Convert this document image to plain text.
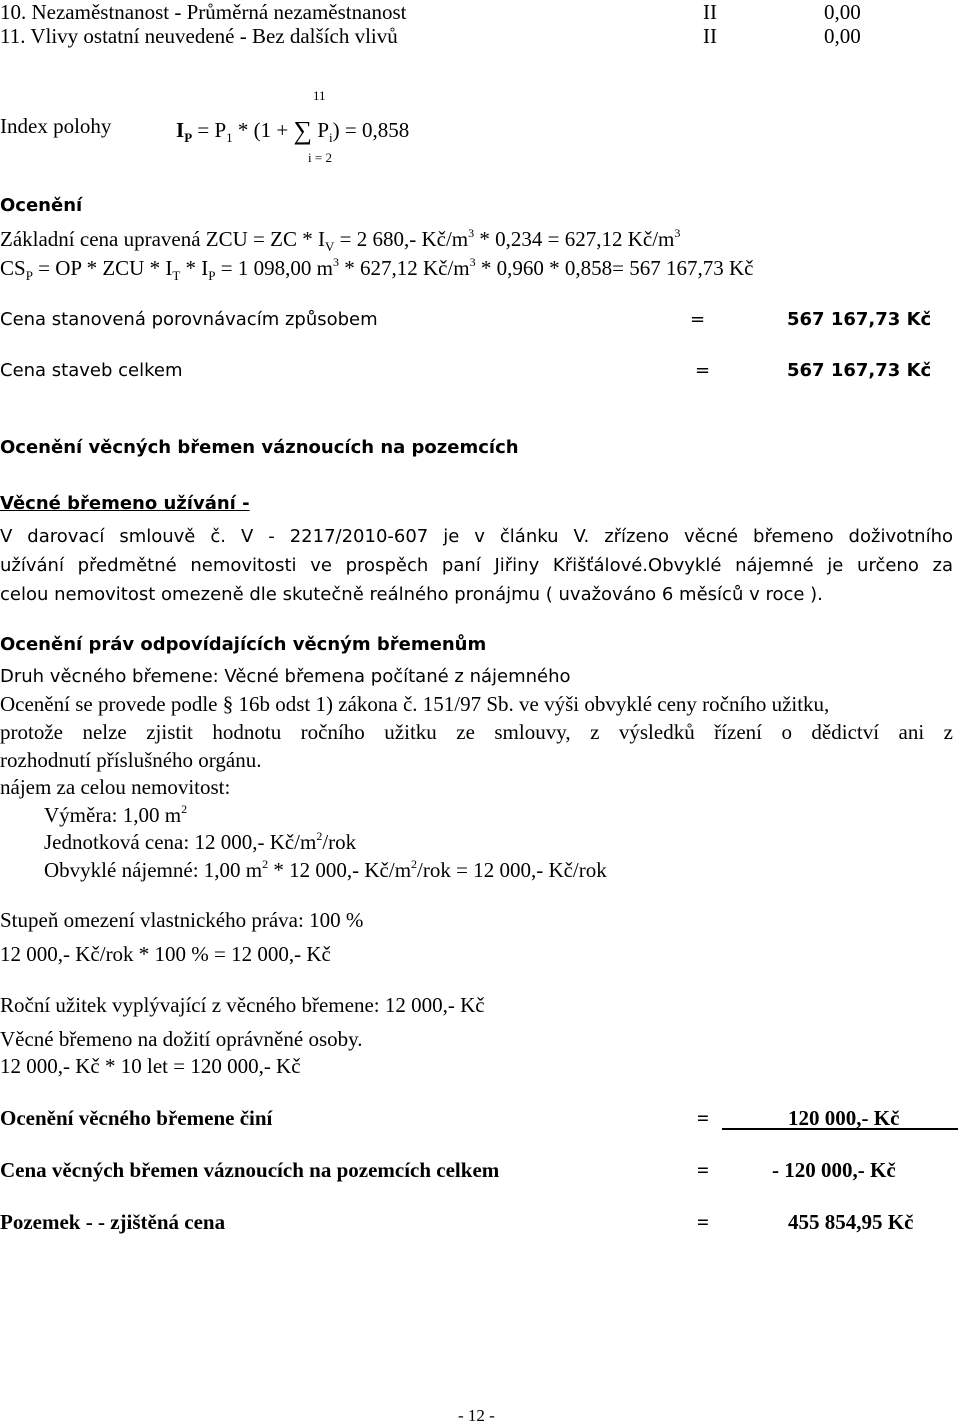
10. Nezaměstnanost - Průměrná nezaměstnanost	II	0,00
11. Vlivy ostatní neuvedené - Bez dalších vlivů	II	0,00
11
Index polohy	$I_P = P_1 * (1$ + ∑ $P_i) = 0,858$
i = 2
Ocenění
Základní cena upravená ZCU = ZC * $I_V = 2$ 680,- $Kč/m^3 * 0,234 = 627,12$ $Kč/m^3$
$CS_P$ = OP * ZCU * $I_T * I_P = 1$ 098,00 $m^3 * 627,12$ $Kč/m^3 * 0,960 * 0,858= 567$ 167,73 Kč
Cena stanovená porovnávacím způsobem	=	567 167,73 Kč
Cena staveb celkem	=	567 167,73 Kč
Ocenění věcných břemen váznoucích na pozemcích
Věcné břemeno užívání -
V darovací smlouvě č. V - 2217/2010-607 je v článku V. zřízeno věcné břemeno doživotního
užívání předmětné nemovitosti ve prospěch paní Jiřiny Křišťálové.Obvyklé nájemné je určeno za
celou nemovitost omezeně dle skutečně reálného pronájmu ( uvažováno 6 měsíců v roce ).
Ocenění práv odpovídajících věcným břemenům
Druh věcného břemene: Věcné břemena počítané z nájemného
Ocenění se provede podle § 16b odst 1) zákona č. 151/97 Sb. ve výši obvyklé ceny ročního užitku,
protože nelze zjistit hodnotu ročního užitku ze smlouvy, z výsledků řízení o dědictví ani z
rozhodnutí příslušného orgánu.
nájem za celou nemovitost:
Výměra: 1,00 $m^2$
Jednotková cena: 12 000,- $Kč/m^2$/rok
Obvyklé nájemné: 1,00 $m^2 * 12$ 000,- $Kč/m^2$/rok = 12 000,- Kč/rok
Stupeň omezení vlastnického práva: 100 %
12 000,- Kč/rok * 100 % = 12 000,- Kč
Roční užitek vyplývající z věcného břemene: 12 000,- Kč
Věcné břemeno na dožití oprávněné osoby.
12 000,- Kč * 10 let = 120 000,- Kč
Ocenění věcného břemene činí	=	120 000,- Kč
Cena věcných břemen váznoucích na pozemcích celkem	=	- 120 000,- Kč
Pozemek - - zjištěná cena	=	455 854,95 Kč
- 12 -
